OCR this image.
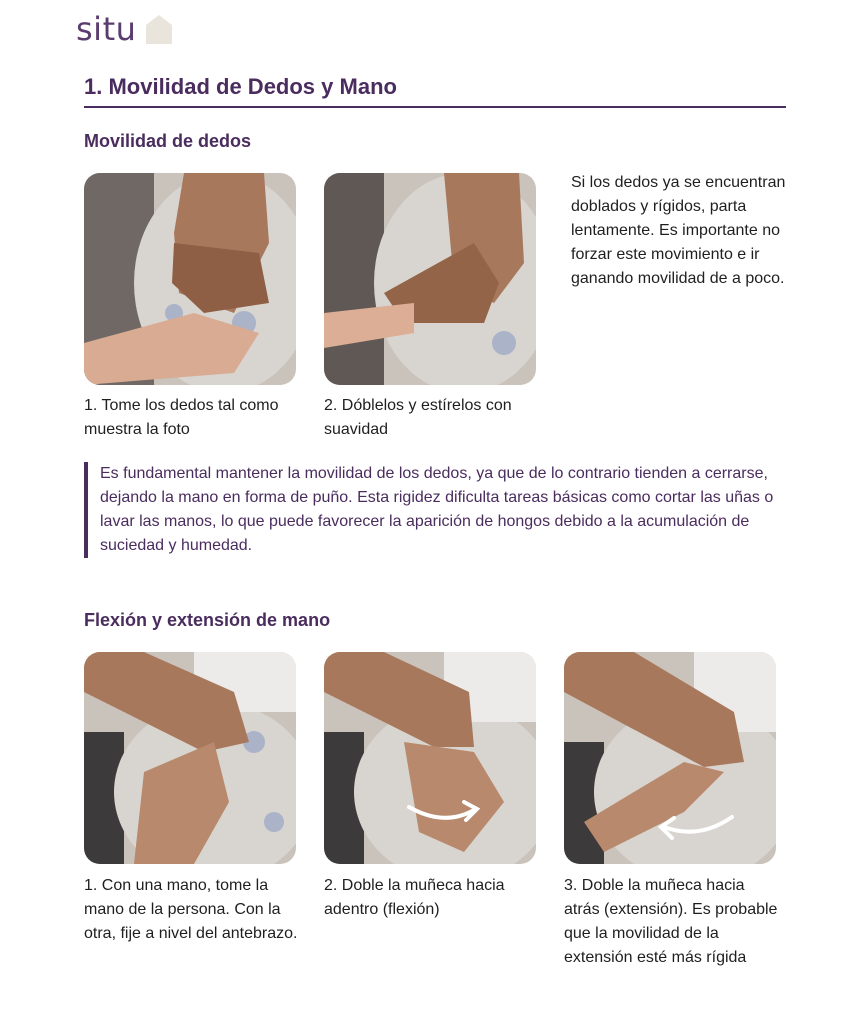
situ
1. Movilidad de Dedos y Mano
Movilidad de dedos
1. Tome los dedos tal como muestra la foto
2. Dóblelos y estírelos con suavidad
Si los dedos ya se encuentran doblados y rígidos, parta lentamente. Es importante no forzar este movimiento e ir ganando movilidad de a poco.
Es fundamental mantener la movilidad de los dedos, ya que de lo contrario tienden a cerrarse, dejando la mano en forma de puño. Esta rigidez dificulta tareas básicas como cortar las uñas o lavar las manos, lo que puede favorecer la aparición de hongos debido a la acumulación de suciedad y humedad.
Flexión y extensión de mano
1. Con una mano, tome la mano de la persona. Con la otra, fije a nivel del antebrazo.
2. Doble la muñeca hacia adentro (flexión)
3. Doble la muñeca hacia atrás (extensión). Es probable que la movilidad de la extensión esté más rígida
